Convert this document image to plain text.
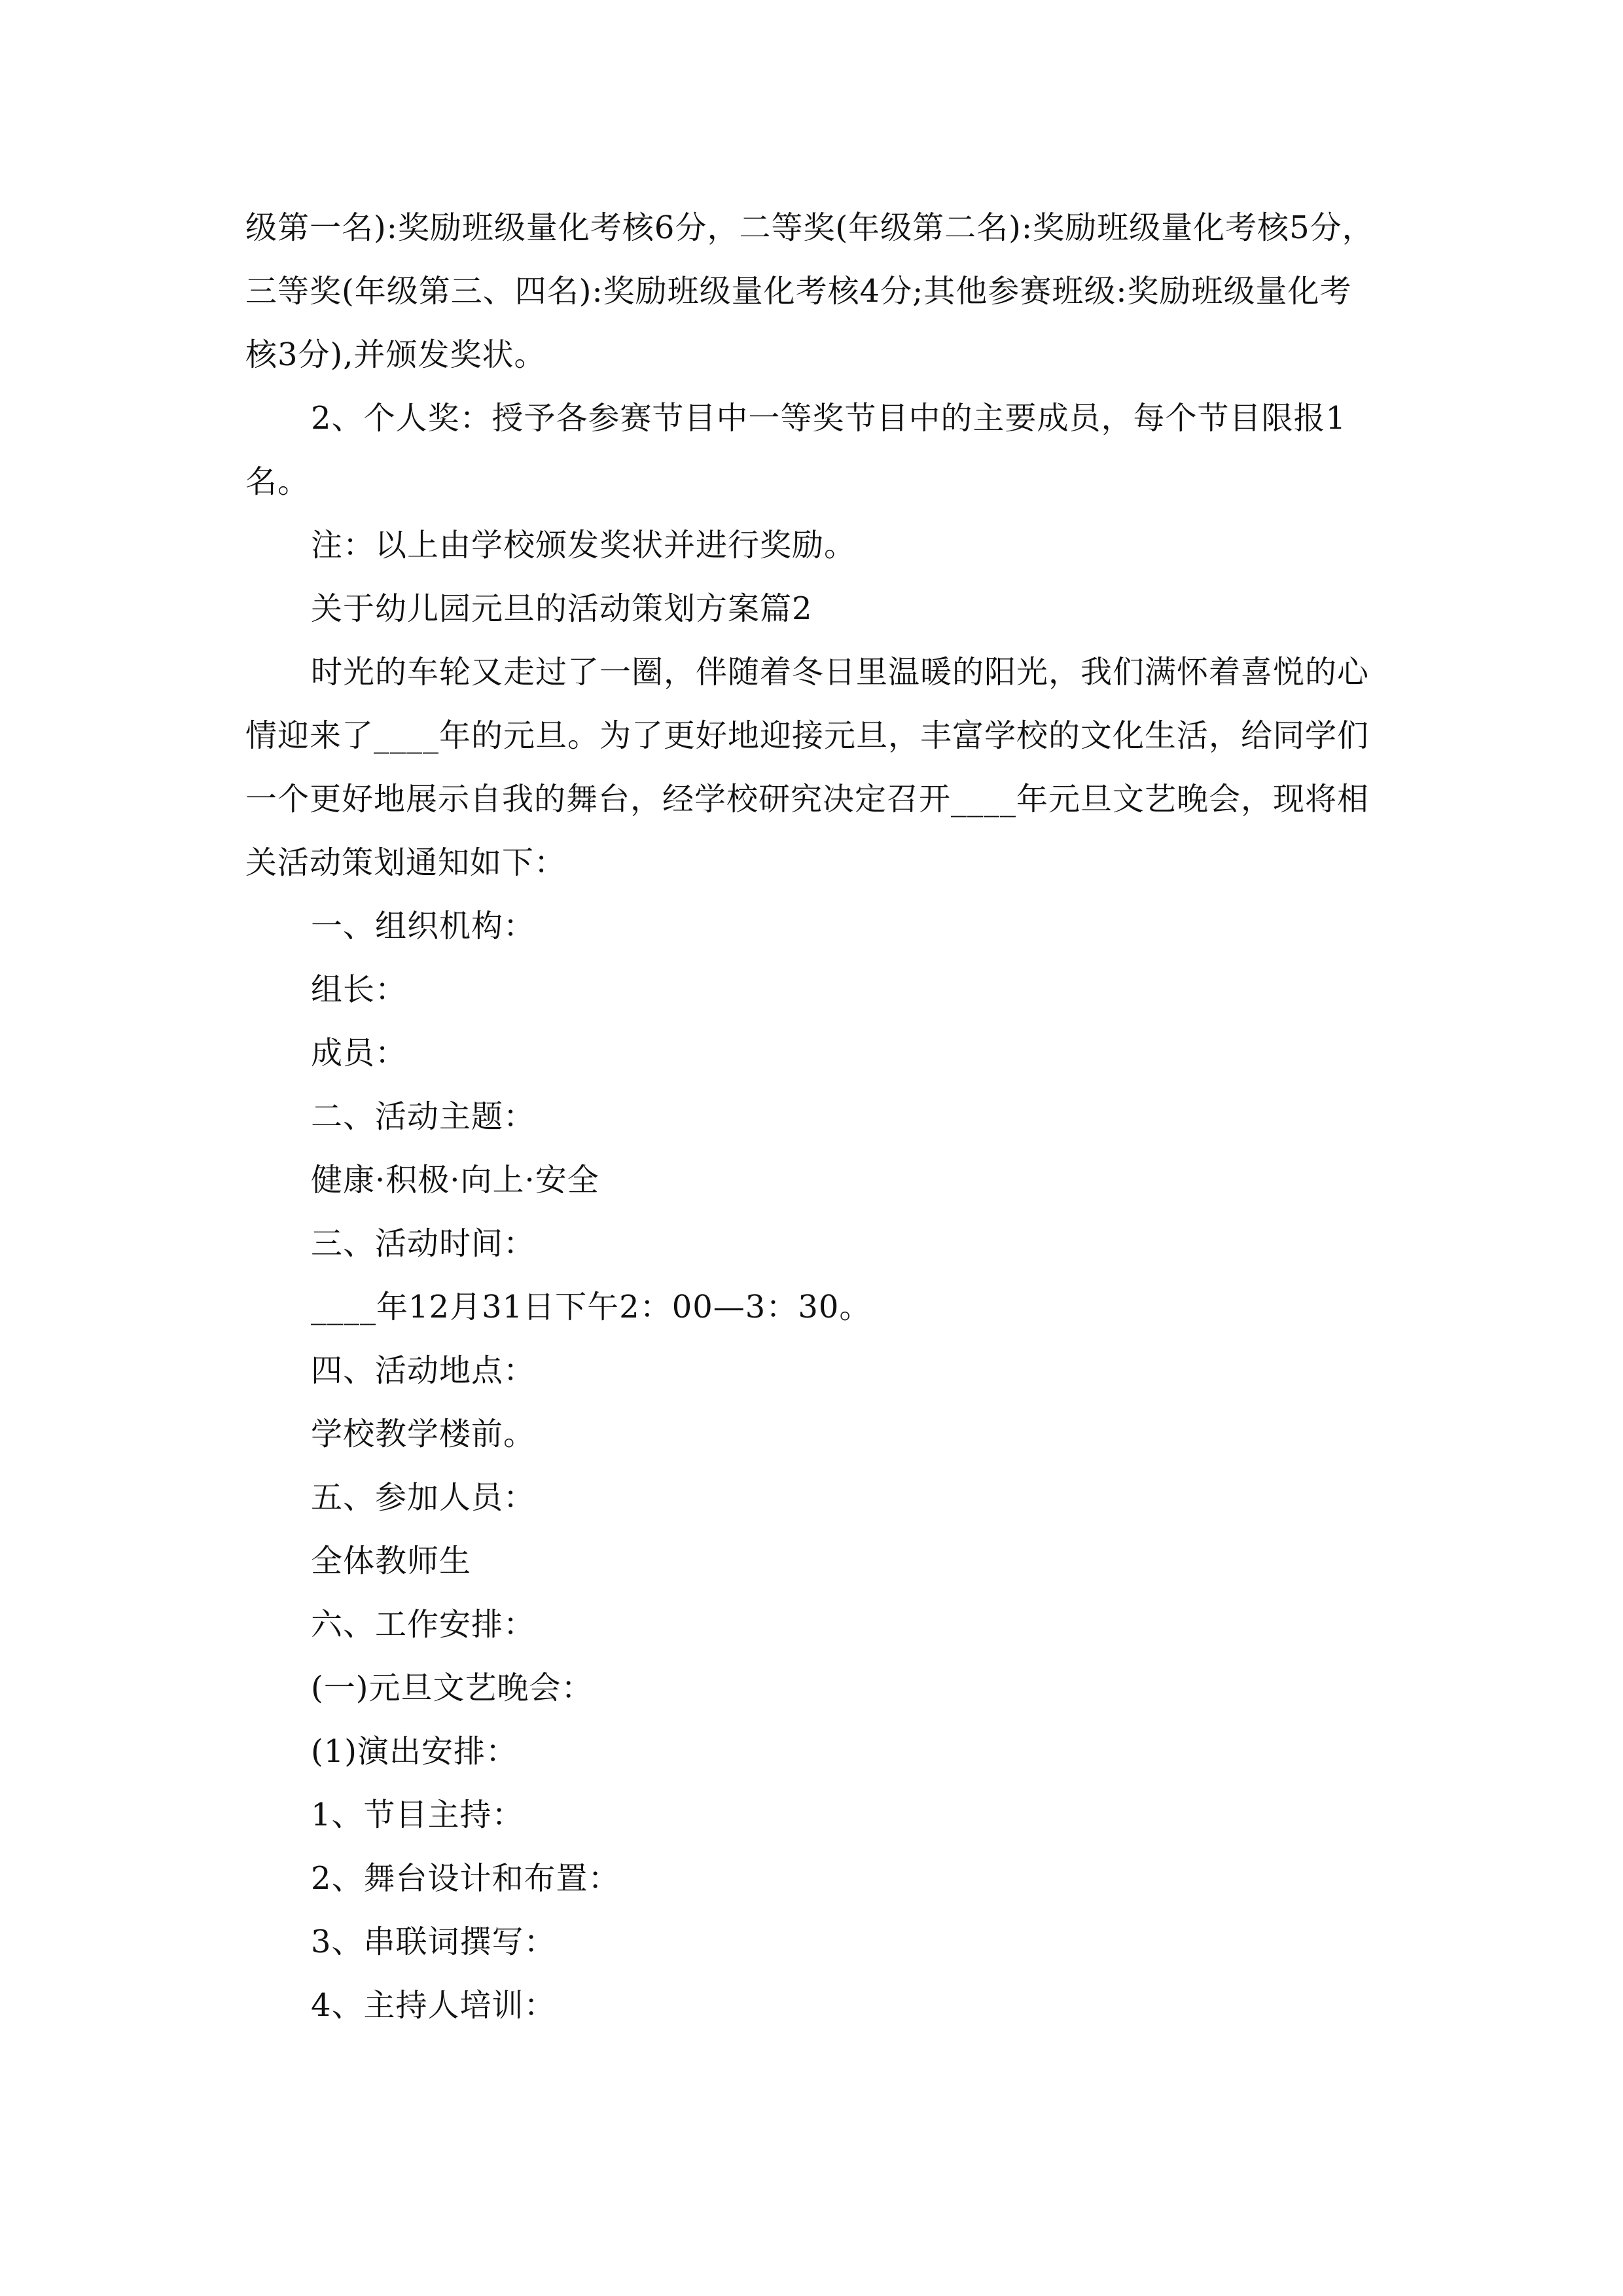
级第一名):奖励班级量化考核6分，二等奖(年级第二名):奖励班级量化考核5分，三等奖(年级第三、四名):奖励班级量化考核4分;其他参赛班级:奖励班级量化考核3分),并颁发奖状。

2、个人奖：授予各参赛节目中一等奖节目中的主要成员，每个节目限报1名。

注：以上由学校颁发奖状并进行奖励。

关于幼儿园元旦的活动策划方案篇2

时光的车轮又走过了一圈，伴随着冬日里温暖的阳光，我们满怀着喜悦的心情迎来了____年的元旦。为了更好地迎接元旦，丰富学校的文化生活，给同学们一个更好地展示自我的舞台，经学校研究决定召开____年元旦文艺晚会，现将相关活动策划通知如下：

一、组织机构：

组长：

成员：

二、活动主题：

健康·积极·向上·安全

三、活动时间：

____年12月31日下午2：00—3：30。

四、活动地点：

学校教学楼前。

五、参加人员：

全体教师生

六、工作安排：

(一)元旦文艺晚会：

(1)演出安排：

1、节目主持：

2、舞台设计和布置：

3、串联词撰写：

4、主持人培训：
